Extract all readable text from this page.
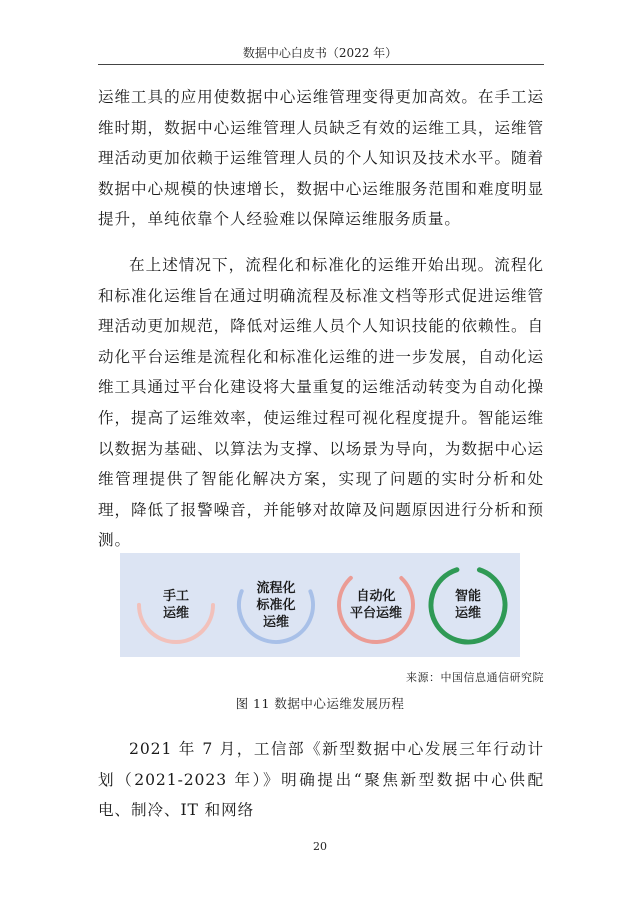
数据中心白皮书（2022 年）

运维工具的应用使数据中心运维管理变得更加高效。在手工运维时期，数据中心运维管理人员缺乏有效的运维工具，运维管理活动更加依赖于运维管理人员的个人知识及技术水平。随着数据中心规模的快速增长，数据中心运维服务范围和难度明显提升，单纯依靠个人经验难以保障运维服务质量。

在上述情况下，流程化和标准化的运维开始出现。流程化和标准化运维旨在通过明确流程及标准文档等形式促进运维管理活动更加规范，降低对运维人员个人知识技能的依赖性。自动化平台运维是流程化和标准化运维的进一步发展，自动化运维工具通过平台化建设将大量重复的运维活动转变为自动化操作，提高了运维效率，使运维过程可视化程度提升。智能运维以数据为基础、以算法为支撑、以场景为导向，为数据中心运维管理提供了智能化解决方案，实现了问题的实时分析和处理，降低了报警噪音，并能够对故障及问题原因进行分析和预测。

手工
运维
流程化
标准化
运维
自动化
平台运维
智能
运维
来源：中国信息通信研究院
图 11 数据中心运维发展历程

2021 年 7 月，工信部《新型数据中心发展三年行动计划（2021-2023 年）》明确提出“聚焦新型数据中心供配电、制冷、IT 和网络

20
